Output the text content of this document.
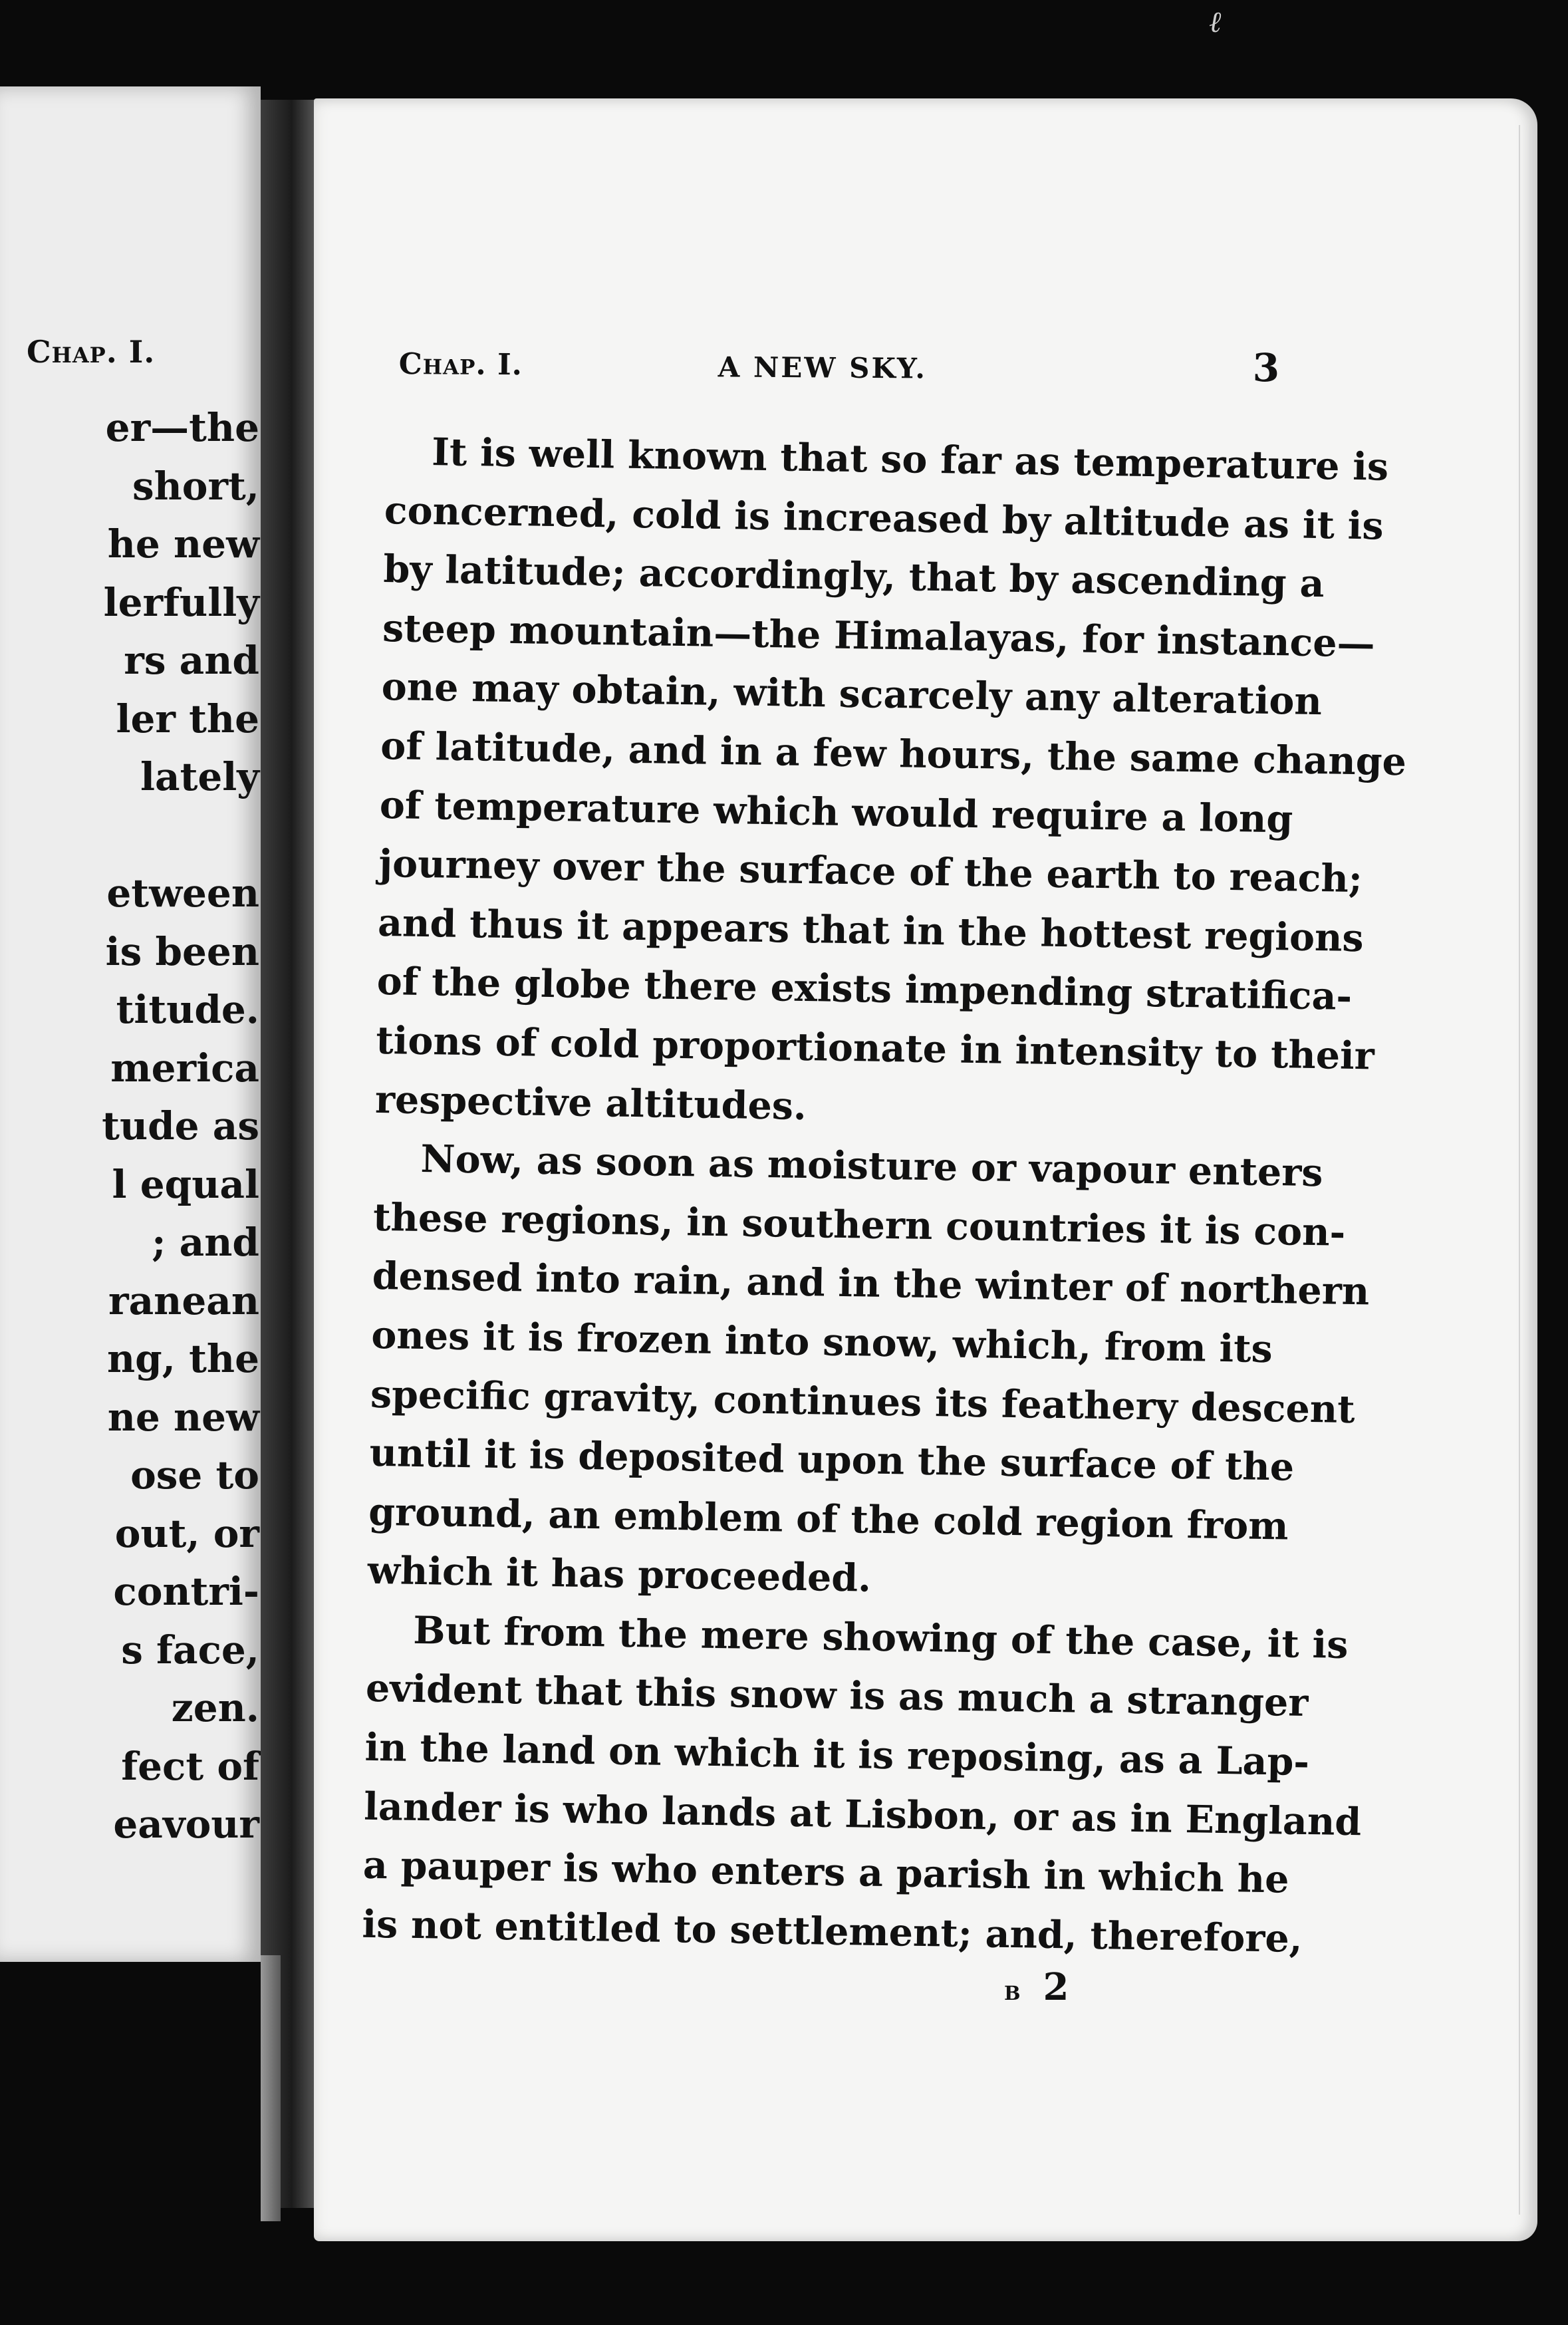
ℓ
Chap. I.
er—the
short,
he new
lerfully
rs and
ler the
lately
etween
is been
titude.
merica
tude as
l equal
; and
ranean
ng, the
ne new
ose to
out, or
contri-
s face,
zen.
fect of
eavour
Chap. I.	A NEW SKY.	3
It is well known that so far as temperature is
concerned, cold is increased by altitude as it is
by latitude; accordingly, that by ascending a
steep mountain—the Himalayas, for instance—
one may obtain, with scarcely any alteration
of latitude, and in a few hours, the same change
of temperature which would require a long
journey over the surface of the earth to reach;
and thus it appears that in the hottest regions
of the globe there exists impending stratifica-
tions of cold proportionate in intensity to their
respective altitudes.
Now, as soon as moisture or vapour enters
these regions, in southern countries it is con-
densed into rain, and in the winter of northern
ones it is frozen into snow, which, from its
specific gravity, continues its feathery descent
until it is deposited upon the surface of the
ground, an emblem of the cold region from
which it has proceeded.
But from the mere showing of the case, it is
evident that this snow is as much a stranger
in the land on which it is reposing, as a Lap-
lander is who lands at Lisbon, or as in England
a pauper is who enters a parish in which he
is not entitled to settlement; and, therefore,
b 2
